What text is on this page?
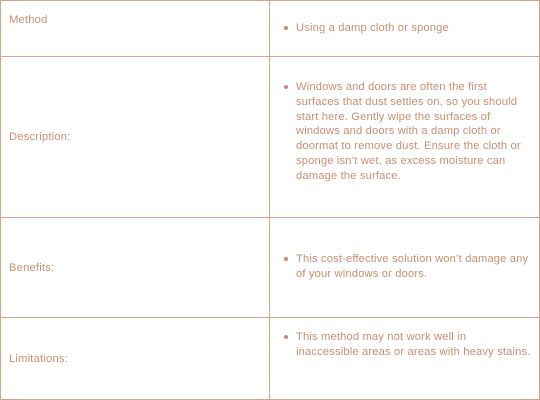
Method
Using a damp cloth or sponge
Description:
Windows and doors are often the first surfaces that dust settles on, so you should start here. Gently wipe the surfaces of windows and doors with a damp cloth or doormat to remove dust. Ensure the cloth or sponge isn’t wet, as excess moisture can damage the surface.
Benefits:
This cost-effective solution won’t damage any of your windows or doors.
Limitations:
This method may not work well in inaccessible areas or areas with heavy stains.
